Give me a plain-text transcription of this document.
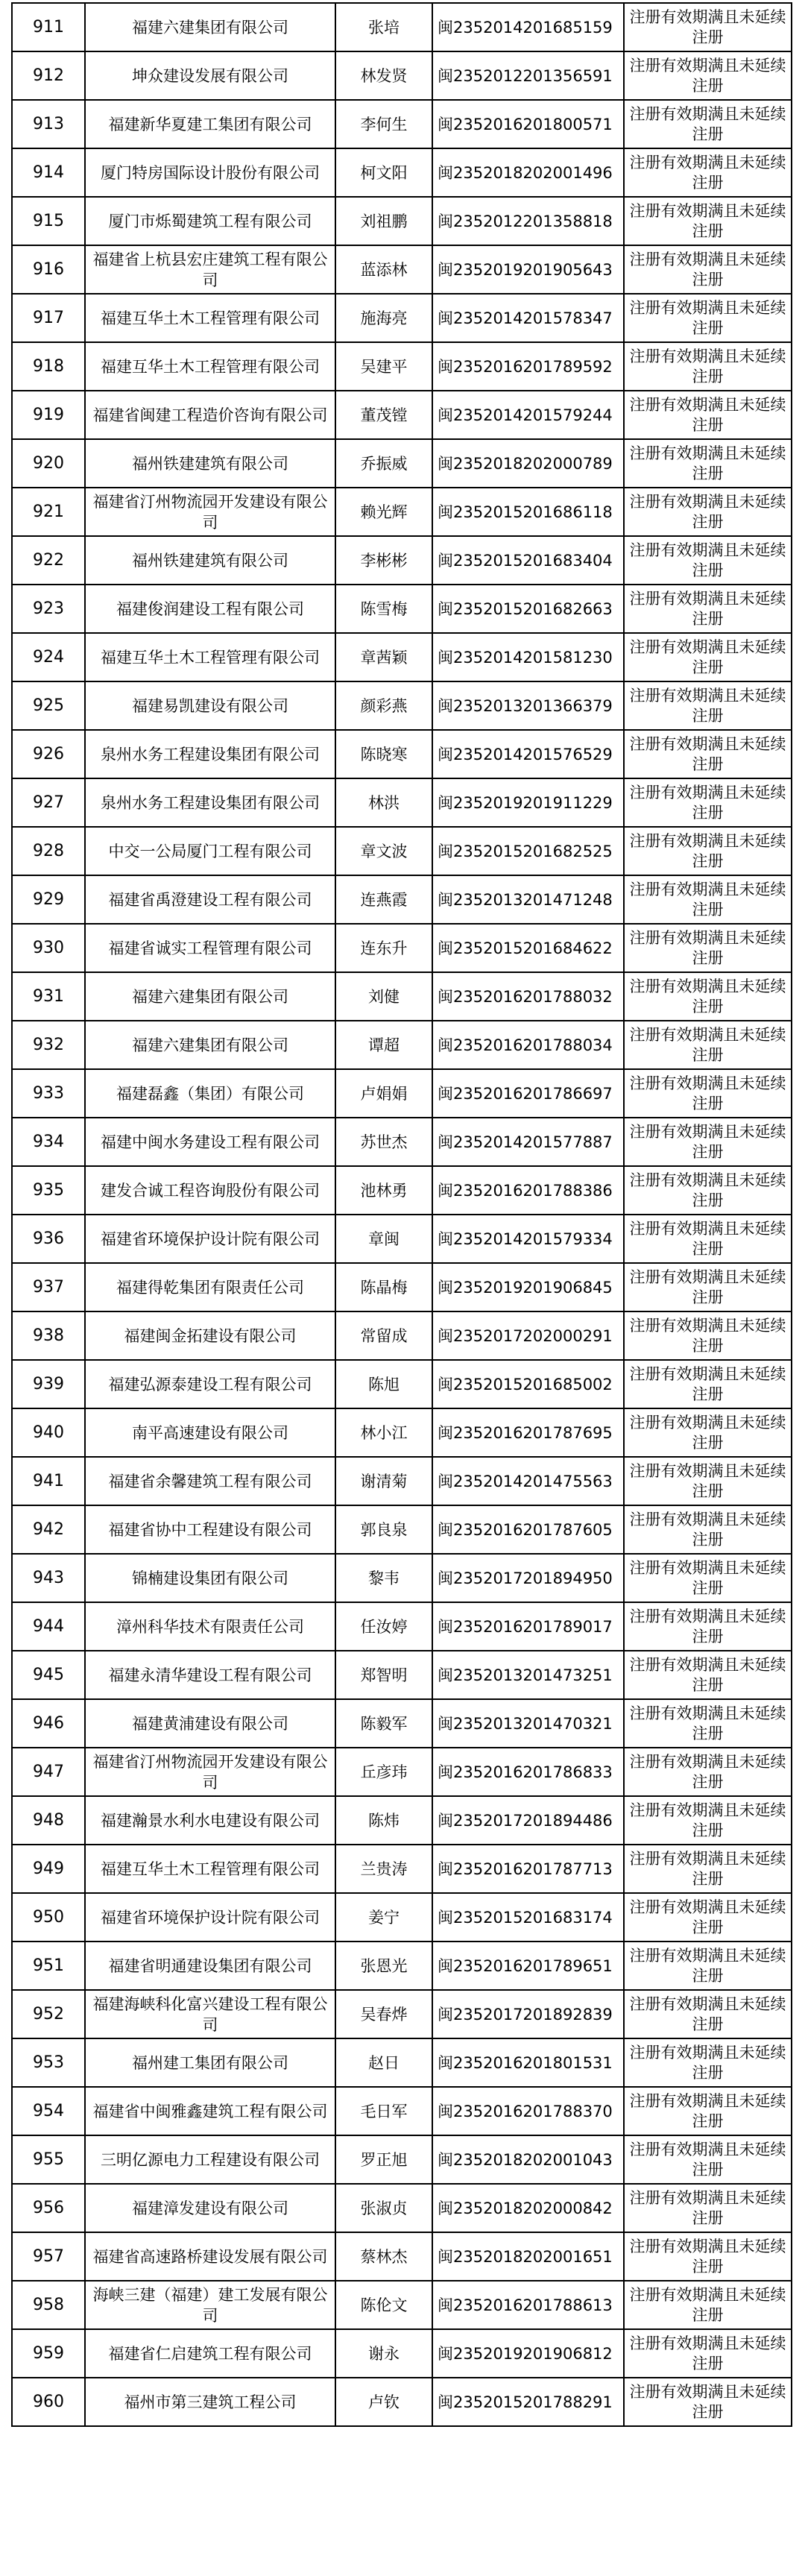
911	福建六建集团有限公司	张培	闽2352014201685159	注册有效期满且未延续注册
912	坤众建设发展有限公司	林发贤	闽2352012201356591	注册有效期满且未延续注册
913	福建新华夏建工集团有限公司	李何生	闽2352016201800571	注册有效期满且未延续注册
914	厦门特房国际设计股份有限公司	柯文阳	闽2352018202001496	注册有效期满且未延续注册
915	厦门市烁蜀建筑工程有限公司	刘祖鹏	闽2352012201358818	注册有效期满且未延续注册
916	福建省上杭县宏庄建筑工程有限公司	蓝添林	闽2352019201905643	注册有效期满且未延续注册
917	福建互华土木工程管理有限公司	施海亮	闽2352014201578347	注册有效期满且未延续注册
918	福建互华土木工程管理有限公司	吴建平	闽2352016201789592	注册有效期满且未延续注册
919	福建省闽建工程造价咨询有限公司	董茂镗	闽2352014201579244	注册有效期满且未延续注册
920	福州铁建建筑有限公司	乔振威	闽2352018202000789	注册有效期满且未延续注册
921	福建省汀州物流园开发建设有限公司	赖光辉	闽2352015201686118	注册有效期满且未延续注册
922	福州铁建建筑有限公司	李彬彬	闽2352015201683404	注册有效期满且未延续注册
923	福建俊润建设工程有限公司	陈雪梅	闽2352015201682663	注册有效期满且未延续注册
924	福建互华土木工程管理有限公司	章茜颖	闽2352014201581230	注册有效期满且未延续注册
925	福建易凯建设有限公司	颜彩燕	闽2352013201366379	注册有效期满且未延续注册
926	泉州水务工程建设集团有限公司	陈晓寒	闽2352014201576529	注册有效期满且未延续注册
927	泉州水务工程建设集团有限公司	林洪	闽2352019201911229	注册有效期满且未延续注册
928	中交一公局厦门工程有限公司	章文波	闽2352015201682525	注册有效期满且未延续注册
929	福建省禹澄建设工程有限公司	连燕霞	闽2352013201471248	注册有效期满且未延续注册
930	福建省诚实工程管理有限公司	连东升	闽2352015201684622	注册有效期满且未延续注册
931	福建六建集团有限公司	刘健	闽2352016201788032	注册有效期满且未延续注册
932	福建六建集团有限公司	谭超	闽2352016201788034	注册有效期满且未延续注册
933	福建磊鑫（集团）有限公司	卢娟娟	闽2352016201786697	注册有效期满且未延续注册
934	福建中闽水务建设工程有限公司	苏世杰	闽2352014201577887	注册有效期满且未延续注册
935	建发合诚工程咨询股份有限公司	池林勇	闽2352016201788386	注册有效期满且未延续注册
936	福建省环境保护设计院有限公司	章闽	闽2352014201579334	注册有效期满且未延续注册
937	福建得乾集团有限责任公司	陈晶梅	闽2352019201906845	注册有效期满且未延续注册
938	福建闽金拓建设有限公司	常留成	闽2352017202000291	注册有效期满且未延续注册
939	福建弘源泰建设工程有限公司	陈旭	闽2352015201685002	注册有效期满且未延续注册
940	南平高速建设有限公司	林小江	闽2352016201787695	注册有效期满且未延续注册
941	福建省余馨建筑工程有限公司	谢清菊	闽2352014201475563	注册有效期满且未延续注册
942	福建省协中工程建设有限公司	郭良泉	闽2352016201787605	注册有效期满且未延续注册
943	锦楠建设集团有限公司	黎韦	闽2352017201894950	注册有效期满且未延续注册
944	漳州科华技术有限责任公司	任汝婷	闽2352016201789017	注册有效期满且未延续注册
945	福建永清华建设工程有限公司	郑智明	闽2352013201473251	注册有效期满且未延续注册
946	福建黄浦建设有限公司	陈毅军	闽2352013201470321	注册有效期满且未延续注册
947	福建省汀州物流园开发建设有限公司	丘彦玮	闽2352016201786833	注册有效期满且未延续注册
948	福建瀚景水利水电建设有限公司	陈炜	闽2352017201894486	注册有效期满且未延续注册
949	福建互华土木工程管理有限公司	兰贵涛	闽2352016201787713	注册有效期满且未延续注册
950	福建省环境保护设计院有限公司	姜宁	闽2352015201683174	注册有效期满且未延续注册
951	福建省明通建设集团有限公司	张恩光	闽2352016201789651	注册有效期满且未延续注册
952	福建海峡科化富兴建设工程有限公司	吴春烨	闽2352017201892839	注册有效期满且未延续注册
953	福州建工集团有限公司	赵日	闽2352016201801531	注册有效期满且未延续注册
954	福建省中闽雅鑫建筑工程有限公司	毛日军	闽2352016201788370	注册有效期满且未延续注册
955	三明亿源电力工程建设有限公司	罗正旭	闽2352018202001043	注册有效期满且未延续注册
956	福建漳发建设有限公司	张淑贞	闽2352018202000842	注册有效期满且未延续注册
957	福建省高速路桥建设发展有限公司	蔡林杰	闽2352018202001651	注册有效期满且未延续注册
958	海峡三建（福建）建工发展有限公司	陈伦文	闽2352016201788613	注册有效期满且未延续注册
959	福建省仁启建筑工程有限公司	谢永	闽2352019201906812	注册有效期满且未延续注册
960	福州市第三建筑工程公司	卢钦	闽2352015201788291	注册有效期满且未延续注册
